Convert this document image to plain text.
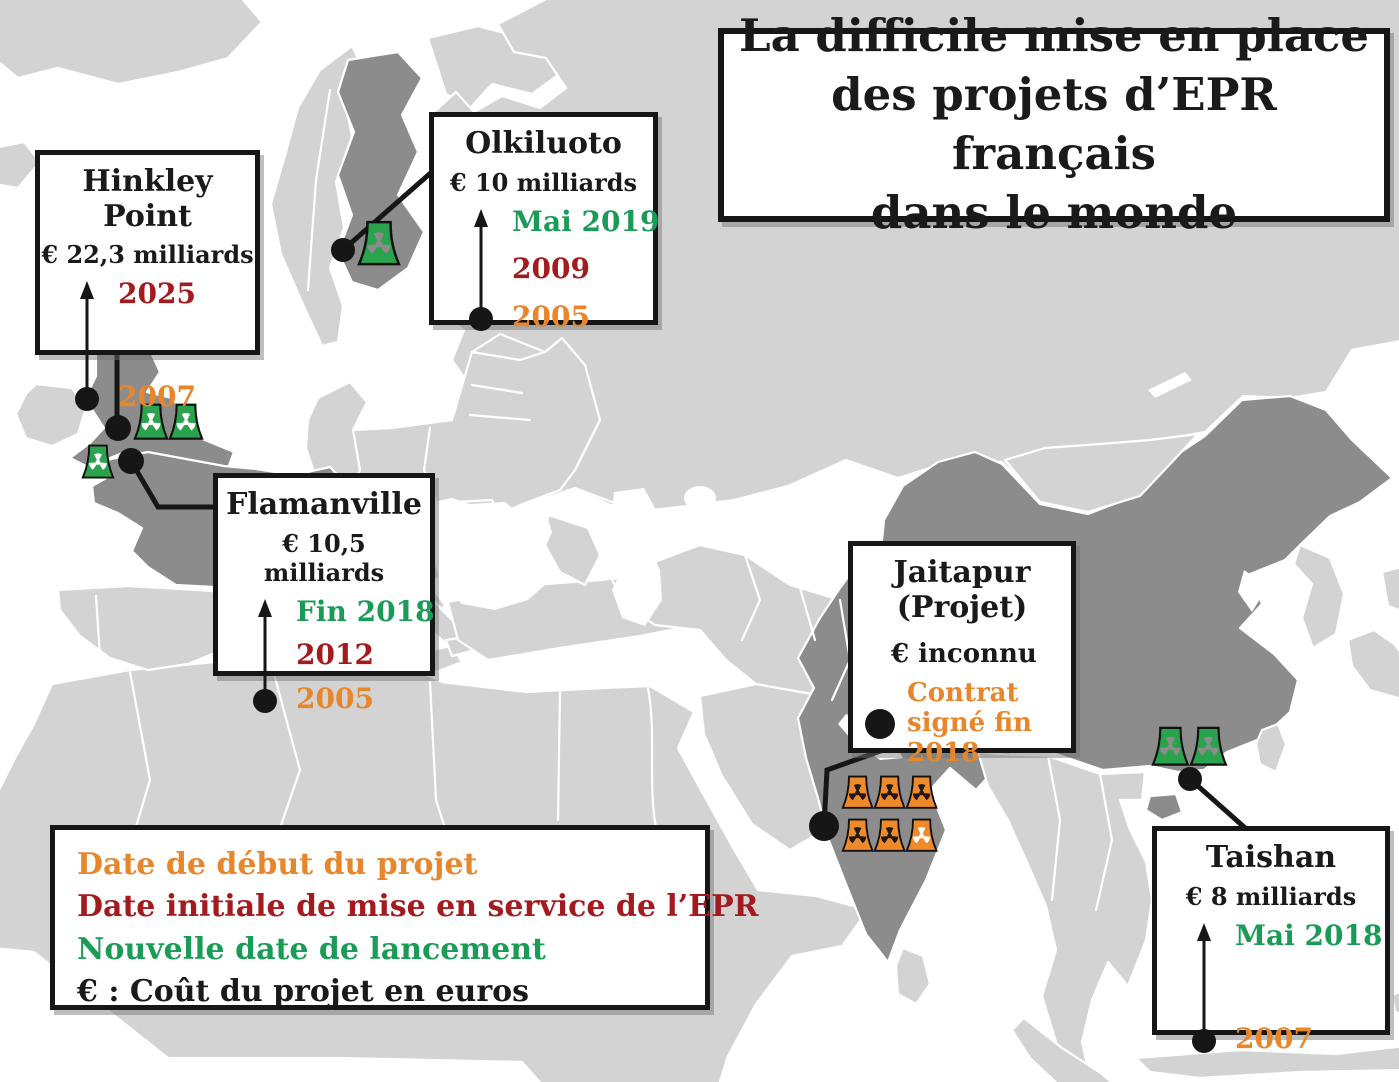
La difficile mise en place
des projets d’EPR français
dans le monde
Hinkley Point
€ 22,3 milliards
2025
2007
Olkiluoto
€ 10 milliards
Mai 2019
2009
2005
Flamanville
€ 10,5 milliards
Fin 2018
2012
2005
Jaitapur
(Projet)
€ inconnu
Contrat signé fin 2018
Taishan
€ 8 milliards
Mai 2018
2007
Date de début du projet
Date initiale de mise en service de l’EPR
Nouvelle date de lancement
€ : Coût du projet en euros
